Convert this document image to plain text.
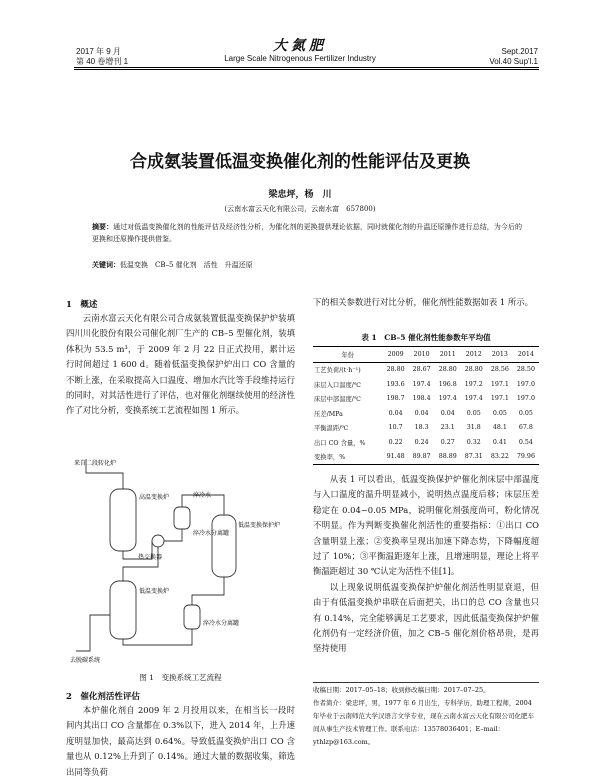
2017 年 9 月
第 40 卷增刊 1
大氮肥
Large Scale Nitrogenous Fertilizer Industry
Sept.2017
Vol.40 Sup'l.1
合成氨装置低温变换催化剂的性能评估及更换
梁忠坪，杨　川
(云南水富云天化有限公司，云南水富　657800)
摘要：通过对低温变换催化剂的性能评估及经济性分析，为催化剂的更换提供理论依据，同时就催化剂的升温还原操作进行总结，为今后的更换和还原操作提供借鉴。
关键词：低温变换　CB–5 催化剂　活性　升温还原
1　概述

云南水富云天化有限公司合成氨装置低温变换保护炉装填四川川化股份有限公司催化剂厂生产的 CB–5 型催化剂，装填体积为 53.5 m³，于 2009 年 2 月 22 日正式投用，累计运行时间超过 1 600 d。随着低温变换保护炉出口 CO 含量的不断上涨，在采取提高入口温度、增加水汽比等手段维持运行的同时，对其活性进行了评估，也对催化剂继续使用的经济性作了对比分析，变换系统工艺流程如图 1 所示。

来自二段转化炉
高温变换炉	淬冷水
淬冷水分离罐
热交换器
低温变换保护炉
低温变换炉
淬冷水分离罐
去脱碳系统
图 1　变换系统工艺流程
2　催化剂活性评估

本炉催化剂自 2009 年 2 月投用以来，在相当长一段时间内其出口 CO 含量都在 0.3%以下，进入 2014 年，上升速度明显加快，最高达到 0.64%。导致低温变换炉出口 CO 含量也从 0.12%上升到了 0.14%。通过大量的数据收集，筛选出同等负荷

下的相关参数进行对比分析，催化剂性能数据如表 1 所示。

表 1　CB–5 催化剂性能参数年平均值
年份	2009	2010	2011	2012	2013	2014
工艺负荷/(t·h⁻¹)	28.80	28.67	28.80	28.80	28.56	28.50
床层入口温度/℃	193.6	197.4	196.8	197.2	197.1	197.0
床层中部温度/℃	198.7	198.4	197.4	197.4	197.1	197.0
压差/MPa	0.04	0.04	0.04	0.05	0.05	0.05
平衡温距/℃	10.7	18.3	23.1	31.8	48.1	67.8
出口 CO 含量，%	0.22	0.24	0.27	0.32	0.41	0.54
变换率，%	91.48	89.87	88.89	87.31	83.22	79.96

从表 1 可以看出，低温变换保护炉催化剂床层中部温度与入口温度的温升明显减小，说明热点温度后移；床层压差稳定在 0.04~0.05 MPa，说明催化剂强度尚可，粉化情况不明显。作为判断变换催化剂活性的重要指标：①出口 CO 含量明显上涨；②变换率呈现出加速下降态势，下降幅度超过了 10%；③平衡温距逐年上涨，且增速明显，理论上将平衡温距超过 30 ℃认定为活性不佳[1]。

以上现象说明低温变换保护炉催化剂活性明显衰退，但由于有低温变换炉串联在后面把关，出口的总 CO 含量也只有 0.14%，完全能够满足工艺要求，因此低温变换保护炉催化剂仍有一定经济价值，加之 CB–5 催化剂价格昂贵，是再坚持使用

收稿日期：2017–05–18；收到修改稿日期：2017–07–25。
作者简介：梁忠坪，男，1977 年 6 月出生，专科学历，助理工程师，2004 年毕业于云南师范大学汉语言文学专业，现在云南水富云天化有限公司化肥车间从事生产技术管理工作。联系电话：13578036401；E–mail：ythlzp@163.com。
